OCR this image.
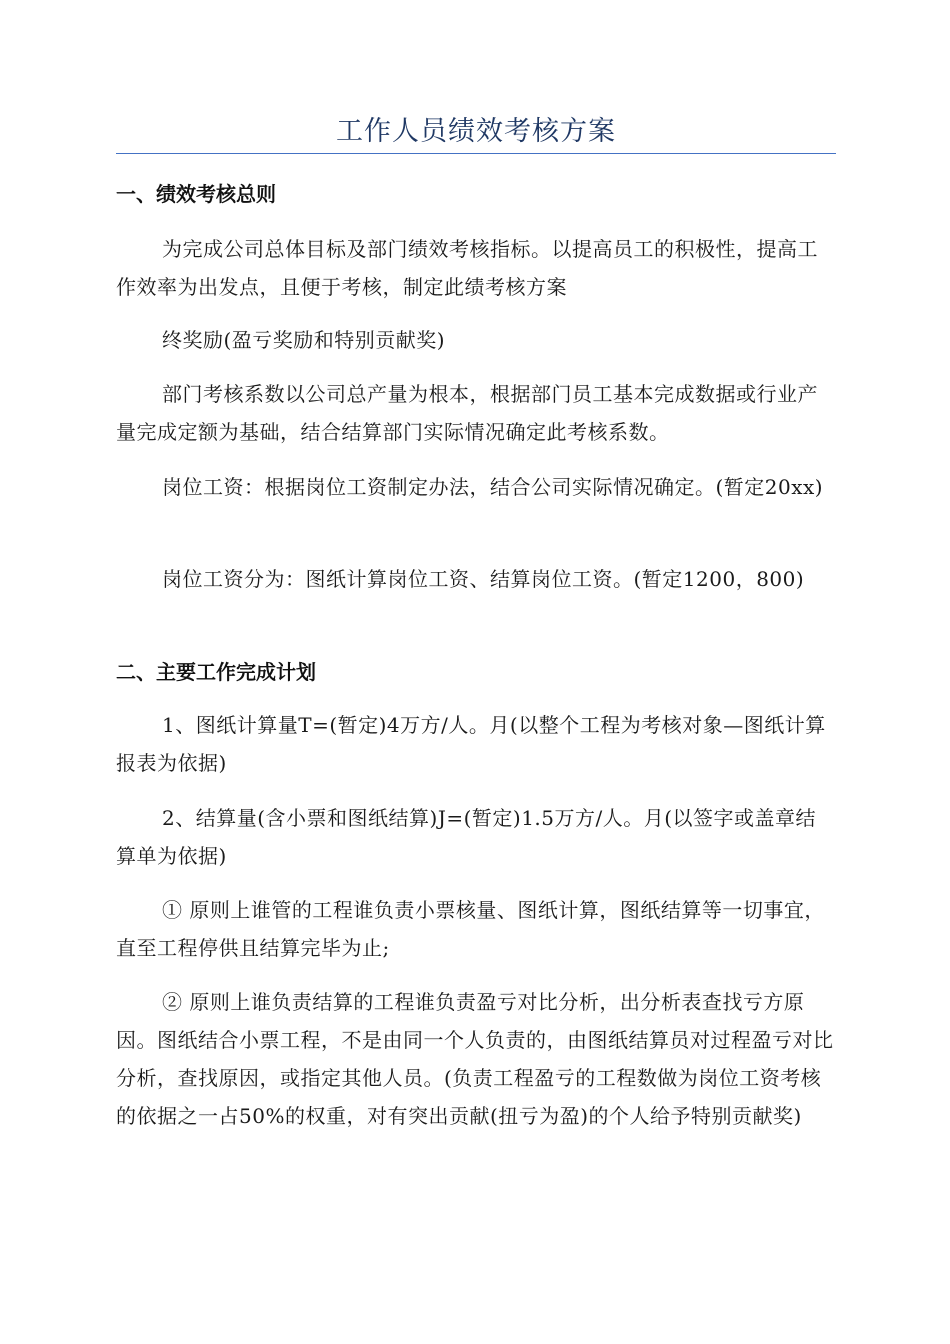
工作人员绩效考核方案
一、绩效考核总则
为完成公司总体目标及部门绩效考核指标。以提高员工的积极性，提高工作效率为出发点，且便于考核，制定此绩考核方案
终奖励(盈亏奖励和特别贡献奖)
部门考核系数以公司总产量为根本，根据部门员工基本完成数据或行业产量完成定额为基础，结合结算部门实际情况确定此考核系数。
岗位工资：根据岗位工资制定办法，结合公司实际情况确定。(暂定20xx)
岗位工资分为：图纸计算岗位工资、结算岗位工资。(暂定1200，800)
二、主要工作完成计划
1、图纸计算量T=(暂定)4万方/人。月(以整个工程为考核对象—图纸计算报表为依据)
2、结算量(含小票和图纸结算)J=(暂定)1.5万方/人。月(以签字或盖章结算单为依据)
① 原则上谁管的工程谁负责小票核量、图纸计算，图纸结算等一切事宜，直至工程停供且结算完毕为止;
② 原则上谁负责结算的工程谁负责盈亏对比分析，出分析表查找亏方原因。图纸结合小票工程，不是由同一个人负责的，由图纸结算员对过程盈亏对比分析，查找原因，或指定其他人员。(负责工程盈亏的工程数做为岗位工资考核的依据之一占50%的权重，对有突出贡献(扭亏为盈)的个人给予特别贡献奖)
